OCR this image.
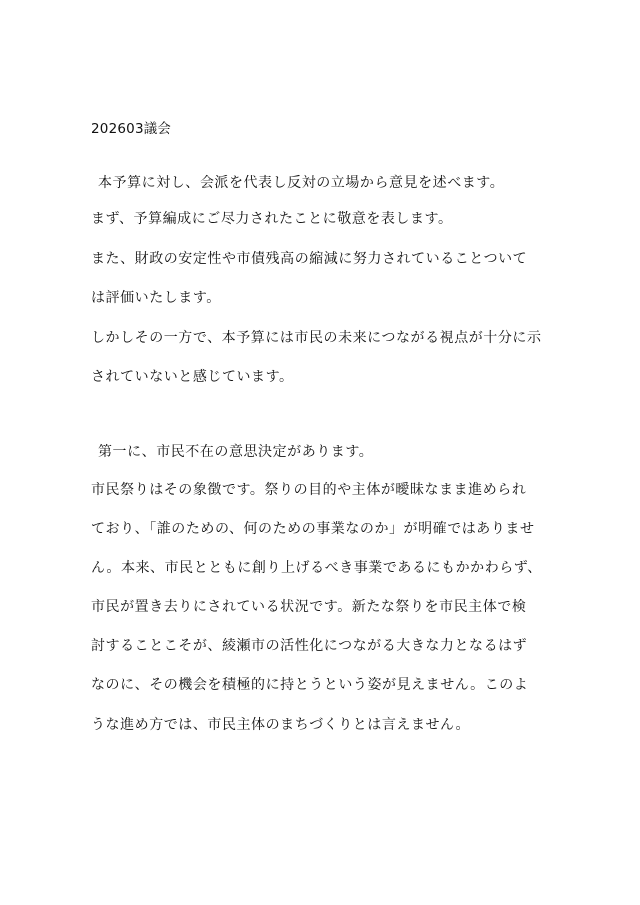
202603議会
本予算に対し、会派を代表し反対の立場から意見を述べます。
まず、予算編成にご尽力されたことに敬意を表します。
また、財政の安定性や市債残高の縮減に努力されていることついて
は評価いたします。
しかしその一方で、本予算には市民の未来につながる視点が十分に示
されていないと感じています。
第一に、市民不在の意思決定があります。
市民祭りはその象徴です。祭りの目的や主体が曖昧なまま進められ
ており、「誰のための、何のための事業なのか」が明確ではありませ
ん。本来、市民とともに創り上げるべき事業であるにもかかわらず、
市民が置き去りにされている状況です。新たな祭りを市民主体で検
討することこそが、綾瀬市の活性化につながる大きな力となるはず
なのに、その機会を積極的に持とうという姿が見えません。このよ
うな進め方では、市民主体のまちづくりとは言えません。
